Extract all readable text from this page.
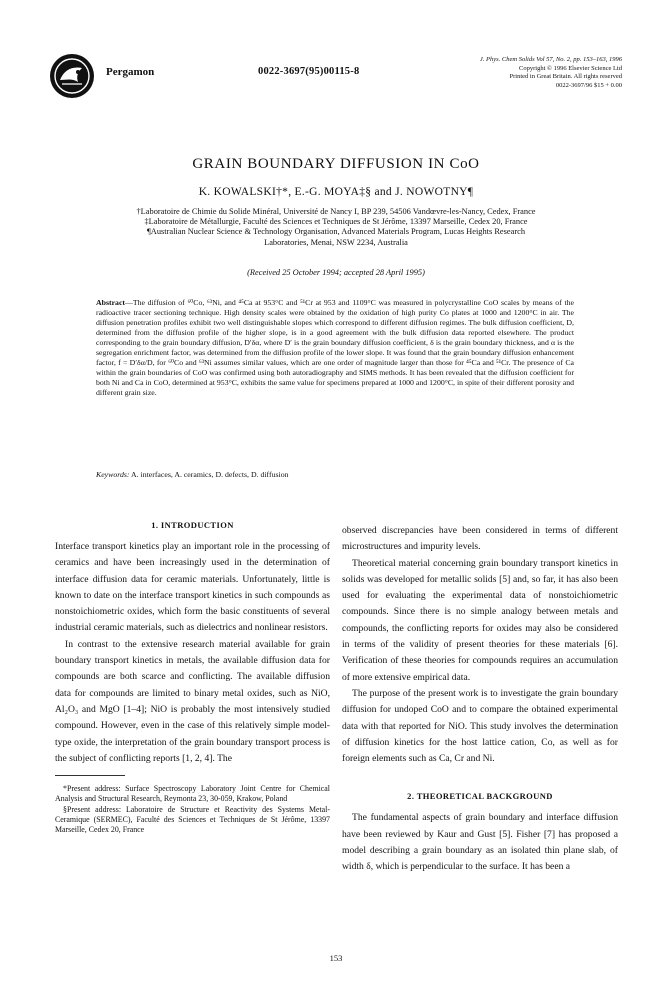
Pergamon	0022-3697(95)00115-8
J. Phys. Chem Solids Vol 57, No. 2, pp. 153–163, 1996
Copyright © 1996 Elsevier Science Ltd
Printed in Great Britain. All rights reserved
0022-3697/96 $15 + 0.00
GRAIN BOUNDARY DIFFUSION IN CoO
K. KOWALSKI†*, E.-G. MOYA‡§ and J. NOWOTNY¶
†Laboratoire de Chimie du Solide Minéral, Université de Nancy I, BP 239, 54506 Vandœvre-les-Nancy, Cedex, France
‡Laboratoire de Métallurgie, Faculté des Sciences et Techniques de St Jérôme, 13397 Marseille, Cedex 20, France
¶Australian Nuclear Science & Technology Organisation, Advanced Materials Program, Lucas Heights Research
Laboratories, Menai, NSW 2234, Australia
(Received 25 October 1994; accepted 28 April 1995)
Abstract—The diffusion of ⁶⁰Co, ⁶³Ni, and ⁴⁵Ca at 953°C and ⁵¹Cr at 953 and 1109°C was measured in polycrystalline CoO scales by means of the radioactive tracer sectioning technique. High density scales were obtained by the oxidation of high purity Co plates at 1000 and 1200°C in air. The diffusion penetration profiles exhibit two well distinguishable slopes which correspond to different diffusion regimes. The bulk diffusion coefficient, D, determined from the diffusion profile of the higher slope, is in a good agreement with the bulk diffusion data reported elsewhere. The product corresponding to the grain boundary diffusion, D′δα, where D′ is the grain boundary diffusion coefficient, δ is the grain boundary thickness, and α is the segregation enrichment factor, was determined from the diffusion profile of the lower slope. It was found that the grain boundary diffusion enhancement factor, f = D′δα/D, for ⁶⁰Co and ⁶³Ni assumes similar values, which are one order of magnitude larger than those for ⁴⁵Ca and ⁵¹Cr. The presence of Ca within the grain boundaries of CoO was confirmed using both autoradiography and SIMS methods. It has been revealed that the diffusion coefficient for both Ni and Ca in CoO, determined at 953°C, exhibits the same value for specimens prepared at 1000 and 1200°C, in spite of their different porosity and different grain size.
Keywords: A. interfaces, A. ceramics, D. defects, D. diffusion
1. INTRODUCTION

Interface transport kinetics play an important role in the processing of ceramics and have been increasingly used in the determination of interface diffusion data for ceramic materials. Unfortunately, little is known to date on the interface transport kinetics in such compounds as nonstoichiometric oxides, which form the basic constituents of several industrial ceramic materials, such as dielectrics and nonlinear resistors.

In contrast to the extensive research material available for grain boundary transport kinetics in metals, the available diffusion data for compounds are both scarce and conflicting. The available diffusion data for compounds are limited to binary metal oxides, such as NiO, Al₂O₃ and MgO [1–4]; NiO is probably the most intensively studied compound. However, even in the case of this relatively simple model-type oxide, the interpretation of the grain boundary transport process is the subject of conflicting reports [1, 2, 4]. The

*Present address: Surface Spectroscopy Laboratory Joint Centre for Chemical Analysis and Structural Research, Reymonta 23, 30-059, Krakow, Poland

§Present address: Laboratoire de Structure et Reactivity des Systems Metal-Ceramique (SERMEC), Faculté des Sciences et Techniques de St Jérôme, 13397 Marseille, Cedex 20, France

observed discrepancies have been considered in terms of different microstructures and impurity levels.

Theoretical material concerning grain boundary transport kinetics in solids was developed for metallic solids [5] and, so far, it has also been used for evaluating the experimental data of nonstoichiometric compounds. Since there is no simple analogy between metals and compounds, the conflicting reports for oxides may also be considered in terms of the validity of present theories for these materials [6]. Verification of these theories for compounds requires an accumulation of more extensive empirical data.

The purpose of the present work is to investigate the grain boundary diffusion for undoped CoO and to compare the obtained experimental data with that reported for NiO. This study involves the determination of diffusion kinetics for the host lattice cation, Co, as well as for foreign elements such as Ca, Cr and Ni.

2. THEORETICAL BACKGROUND

The fundamental aspects of grain boundary and interface diffusion have been reviewed by Kaur and Gust [5]. Fisher [7] has proposed a model describing a grain boundary as an isolated thin plane slab, of width δ, which is perpendicular to the surface. It has been a

153
